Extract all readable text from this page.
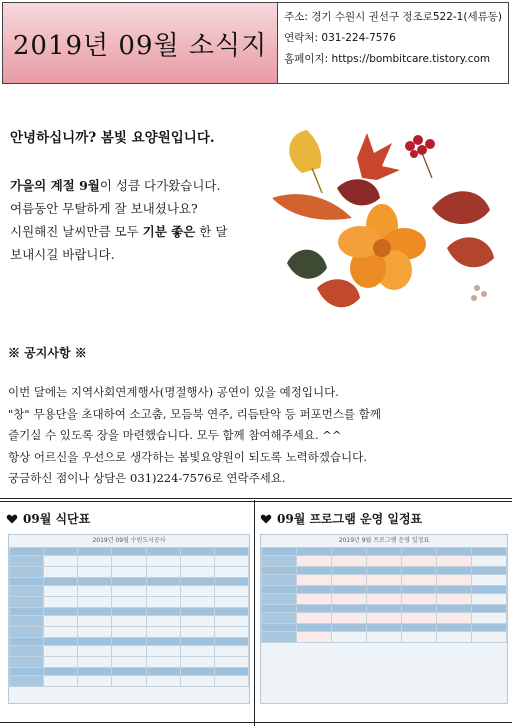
2019년 09월 소식지
주소: 경기 수원시 권선구 정조로522-1(세류동)
연락처: 031-224-7576
홈페이지: https://bombitcare.tistory.com
안녕하십니까? 봄빛 요양원입니다.

가을의 계절 9월이 성큼 다가왔습니다.

여름동안 무탈하게 잘 보내셨나요?

시원해진 날씨만큼 모두 기분 좋은 한 달

보내시길 바랍니다.

※ 공지사항 ※

이번 달에는 지역사회연계행사(명절행사) 공연이 있을 예정입니다.

"창" 무용단을 초대하여 소고춤, 모듬북 연주, 리듬탄악 등 퍼포먼스를 함께

즐기실 수 있도록 장을 마련했습니다. 모두 함께 참여해주세요. ^^

항상 어르신을 우선으로 생각하는 봄빛요양원이 되도록 노력하겠습니다.

궁금하신 점이나 상담은 031)224-7576로 연락주세요.

09월 식단표	09월 프로그램 운영 일정표
2019년 09월 수원도시공사

							2019년 9월 프로그램 운영 일정표
